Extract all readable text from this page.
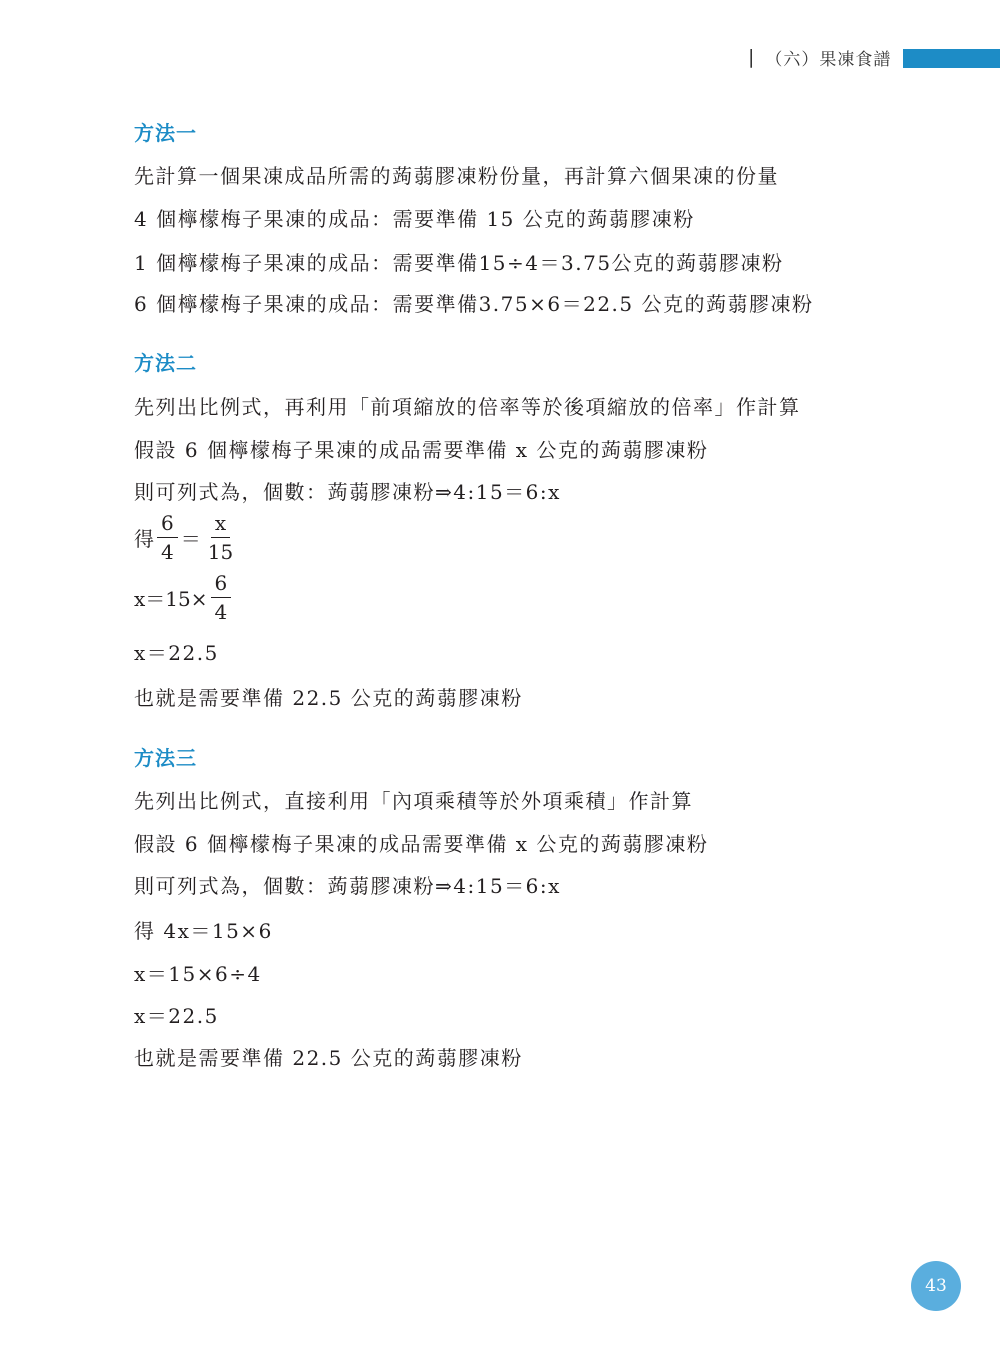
| （六）果凍食譜
方法一
先計算一個果凍成品所需的蒟蒻膠凍粉份量，再計算六個果凍的份量
4 個檸檬梅子果凍的成品：需要準備 15 公克的蒟蒻膠凍粉
1 個檸檬梅子果凍的成品：需要準備15÷4＝3.75公克的蒟蒻膠凍粉
6 個檸檬梅子果凍的成品：需要準備3.75×6＝22.5 公克的蒟蒻膠凍粉
方法二
先列出比例式，再利用「前項縮放的倍率等於後項縮放的倍率」作計算
假設 6 個檸檬梅子果凍的成品需要準備 x 公克的蒟蒻膠凍粉
則可列式為，個數：蒟蒻膠凍粉⇒4:15＝6:x
得 $\frac{6}{4} = \frac{x}{15}$
$x=15\times \frac{6}{4}$
x＝22.5
也就是需要準備 22.5 公克的蒟蒻膠凍粉
方法三
先列出比例式，直接利用「內項乘積等於外項乘積」作計算
假設 6 個檸檬梅子果凍的成品需要準備 x 公克的蒟蒻膠凍粉
則可列式為，個數：蒟蒻膠凍粉⇒4:15＝6:x
得 4x＝15×6
x＝15×6÷4
x＝22.5
也就是需要準備 22.5 公克的蒟蒻膠凍粉
43
